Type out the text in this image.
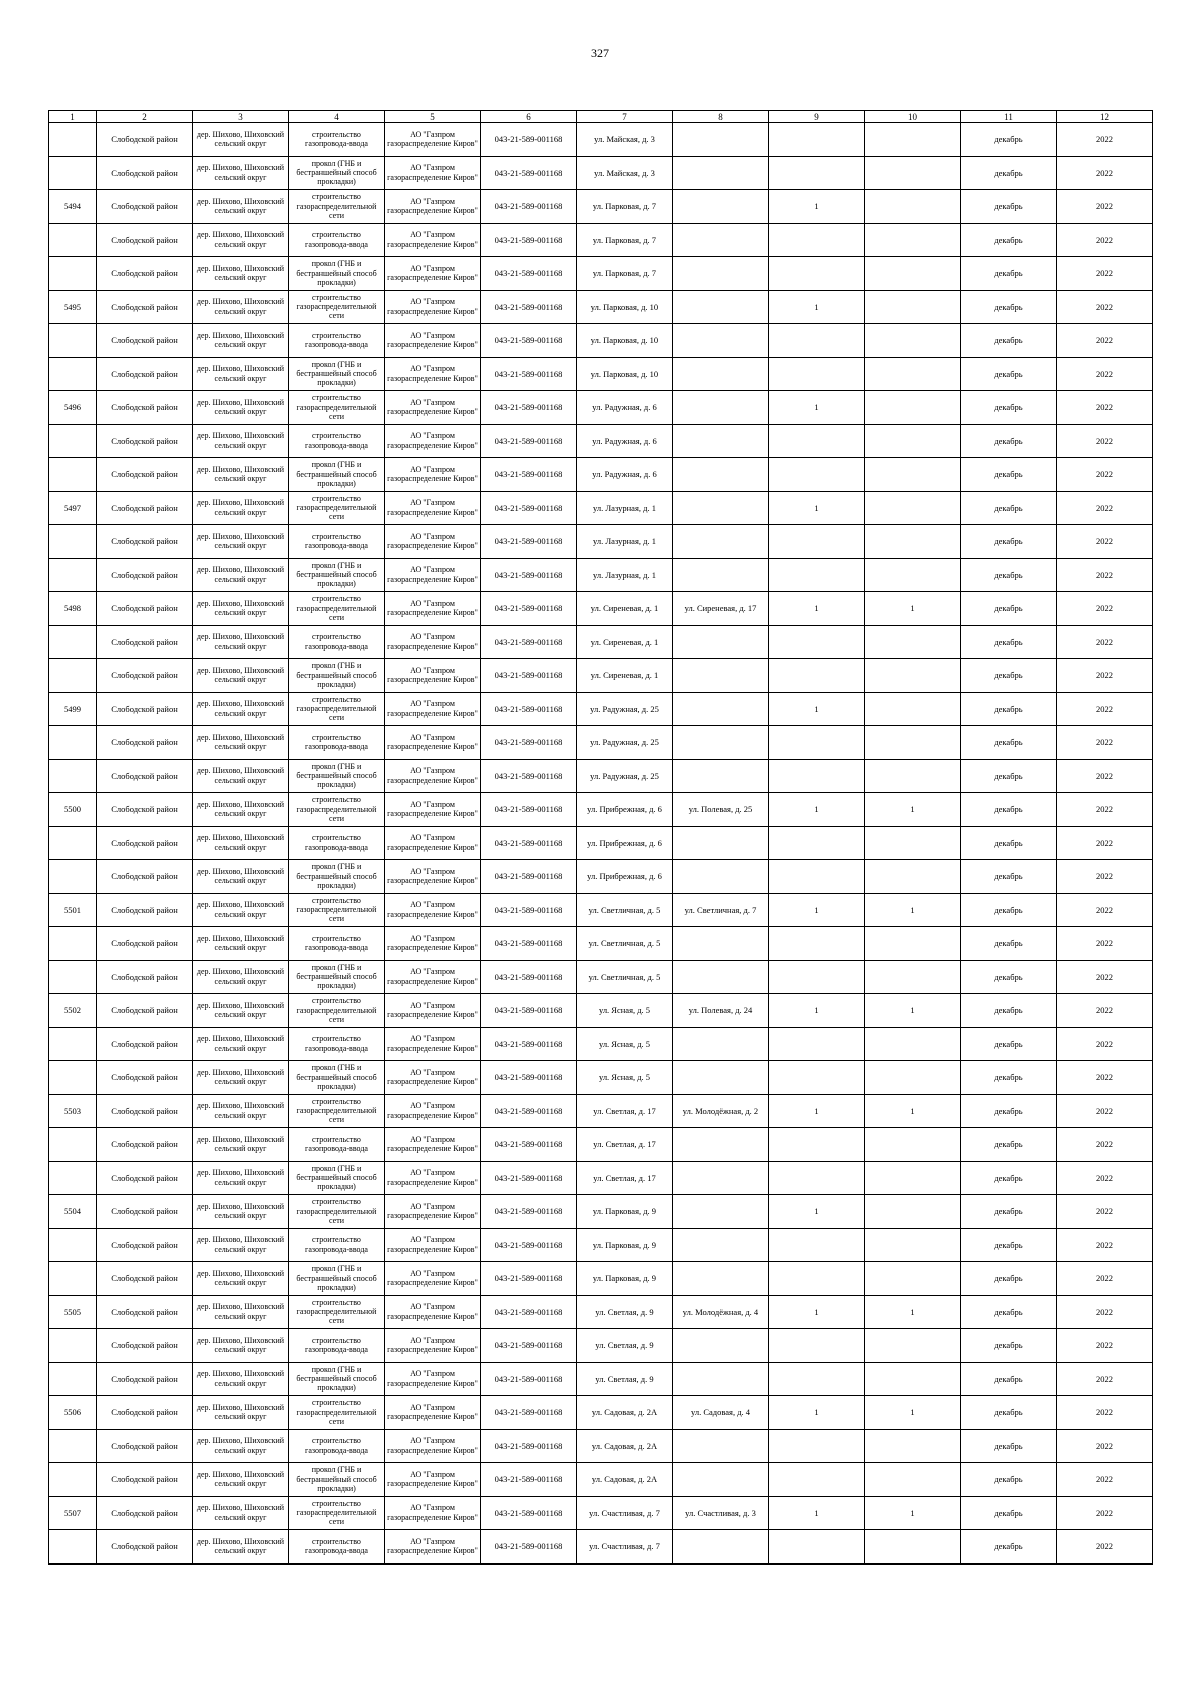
327
1	2	3	4	5	6	7	8	9	10	11	12
	Слободской район	дер. Шихово, Шиховский сельский округ	строительство газопровода-ввода	АО "Газпром газораспределение Киров"	043-21-589-001168	ул. Майская, д. 3				декабрь	2022
	Слободской район	дер. Шихово, Шиховский сельский округ	прокол (ГНБ и бестраншейный способ прокладки)	АО "Газпром газораспределение Киров"	043-21-589-001168	ул. Майская, д. 3				декабрь	2022
5494	Слободской район	дер. Шихово, Шиховский сельский округ	строительство газораспределительной сети	АО "Газпром газораспределение Киров"	043-21-589-001168	ул. Парковая, д. 7		1		декабрь	2022
	Слободской район	дер. Шихово, Шиховский сельский округ	строительство газопровода-ввода	АО "Газпром газораспределение Киров"	043-21-589-001168	ул. Парковая, д. 7				декабрь	2022
	Слободской район	дер. Шихово, Шиховский сельский округ	прокол (ГНБ и бестраншейный способ прокладки)	АО "Газпром газораспределение Киров"	043-21-589-001168	ул. Парковая, д. 7				декабрь	2022
5495	Слободской район	дер. Шихово, Шиховский сельский округ	строительство газораспределительной сети	АО "Газпром газораспределение Киров"	043-21-589-001168	ул. Парковая, д. 10		1		декабрь	2022
	Слободской район	дер. Шихово, Шиховский сельский округ	строительство газопровода-ввода	АО "Газпром газораспределение Киров"	043-21-589-001168	ул. Парковая, д. 10				декабрь	2022
	Слободской район	дер. Шихово, Шиховский сельский округ	прокол (ГНБ и бестраншейный способ прокладки)	АО "Газпром газораспределение Киров"	043-21-589-001168	ул. Парковая, д. 10				декабрь	2022
5496	Слободской район	дер. Шихово, Шиховский сельский округ	строительство газораспределительной сети	АО "Газпром газораспределение Киров"	043-21-589-001168	ул. Радужная, д. 6		1		декабрь	2022
	Слободской район	дер. Шихово, Шиховский сельский округ	строительство газопровода-ввода	АО "Газпром газораспределение Киров"	043-21-589-001168	ул. Радужная, д. 6				декабрь	2022
	Слободской район	дер. Шихово, Шиховский сельский округ	прокол (ГНБ и бестраншейный способ прокладки)	АО "Газпром газораспределение Киров"	043-21-589-001168	ул. Радужная, д. 6				декабрь	2022
5497	Слободской район	дер. Шихово, Шиховский сельский округ	строительство газораспределительной сети	АО "Газпром газораспределение Киров"	043-21-589-001168	ул. Лазурная, д. 1		1		декабрь	2022
	Слободской район	дер. Шихово, Шиховский сельский округ	строительство газопровода-ввода	АО "Газпром газораспределение Киров"	043-21-589-001168	ул. Лазурная, д. 1				декабрь	2022
	Слободской район	дер. Шихово, Шиховский сельский округ	прокол (ГНБ и бестраншейный способ прокладки)	АО "Газпром газораспределение Киров"	043-21-589-001168	ул. Лазурная, д. 1				декабрь	2022
5498	Слободской район	дер. Шихово, Шиховский сельский округ	строительство газораспределительной сети	АО "Газпром газораспределение Киров"	043-21-589-001168	ул. Сиреневая, д. 1	ул. Сиреневая, д. 17	1	1	декабрь	2022
	Слободской район	дер. Шихово, Шиховский сельский округ	строительство газопровода-ввода	АО "Газпром газораспределение Киров"	043-21-589-001168	ул. Сиреневая, д. 1				декабрь	2022
	Слободской район	дер. Шихово, Шиховский сельский округ	прокол (ГНБ и бестраншейный способ прокладки)	АО "Газпром газораспределение Киров"	043-21-589-001168	ул. Сиреневая, д. 1				декабрь	2022
5499	Слободской район	дер. Шихово, Шиховский сельский округ	строительство газораспределительной сети	АО "Газпром газораспределение Киров"	043-21-589-001168	ул. Радужная, д. 25		1		декабрь	2022
	Слободской район	дер. Шихово, Шиховский сельский округ	строительство газопровода-ввода	АО "Газпром газораспределение Киров"	043-21-589-001168	ул. Радужная, д. 25				декабрь	2022
	Слободской район	дер. Шихово, Шиховский сельский округ	прокол (ГНБ и бестраншейный способ прокладки)	АО "Газпром газораспределение Киров"	043-21-589-001168	ул. Радужная, д. 25				декабрь	2022
5500	Слободской район	дер. Шихово, Шиховский сельский округ	строительство газораспределительной сети	АО "Газпром газораспределение Киров"	043-21-589-001168	ул. Прибрежная, д. 6	ул. Полевая, д. 25	1	1	декабрь	2022
	Слободской район	дер. Шихово, Шиховский сельский округ	строительство газопровода-ввода	АО "Газпром газораспределение Киров"	043-21-589-001168	ул. Прибрежная, д. 6				декабрь	2022
	Слободской район	дер. Шихово, Шиховский сельский округ	прокол (ГНБ и бестраншейный способ прокладки)	АО "Газпром газораспределение Киров"	043-21-589-001168	ул. Прибрежная, д. 6				декабрь	2022
5501	Слободской район	дер. Шихово, Шиховский сельский округ	строительство газораспределительной сети	АО "Газпром газораспределение Киров"	043-21-589-001168	ул. Светличная, д. 5	ул. Светличная, д. 7	1	1	декабрь	2022
	Слободской район	дер. Шихово, Шиховский сельский округ	строительство газопровода-ввода	АО "Газпром газораспределение Киров"	043-21-589-001168	ул. Светличная, д. 5				декабрь	2022
	Слободской район	дер. Шихово, Шиховский сельский округ	прокол (ГНБ и бестраншейный способ прокладки)	АО "Газпром газораспределение Киров"	043-21-589-001168	ул. Светличная, д. 5				декабрь	2022
5502	Слободской район	дер. Шихово, Шиховский сельский округ	строительство газораспределительной сети	АО "Газпром газораспределение Киров"	043-21-589-001168	ул. Ясная, д. 5	ул. Полевая, д. 24	1	1	декабрь	2022
	Слободской район	дер. Шихово, Шиховский сельский округ	строительство газопровода-ввода	АО "Газпром газораспределение Киров"	043-21-589-001168	ул. Ясная, д. 5				декабрь	2022
	Слободской район	дер. Шихово, Шиховский сельский округ	прокол (ГНБ и бестраншейный способ прокладки)	АО "Газпром газораспределение Киров"	043-21-589-001168	ул. Ясная, д. 5				декабрь	2022
5503	Слободской район	дер. Шихово, Шиховский сельский округ	строительство газораспределительной сети	АО "Газпром газораспределение Киров"	043-21-589-001168	ул. Светлая, д. 17	ул. Молодёжная, д. 2	1	1	декабрь	2022
	Слободской район	дер. Шихово, Шиховский сельский округ	строительство газопровода-ввода	АО "Газпром газораспределение Киров"	043-21-589-001168	ул. Светлая, д. 17				декабрь	2022
	Слободской район	дер. Шихово, Шиховский сельский округ	прокол (ГНБ и бестраншейный способ прокладки)	АО "Газпром газораспределение Киров"	043-21-589-001168	ул. Светлая, д. 17				декабрь	2022
5504	Слободской район	дер. Шихово, Шиховский сельский округ	строительство газораспределительной сети	АО "Газпром газораспределение Киров"	043-21-589-001168	ул. Парковая, д. 9		1		декабрь	2022
	Слободской район	дер. Шихово, Шиховский сельский округ	строительство газопровода-ввода	АО "Газпром газораспределение Киров"	043-21-589-001168	ул. Парковая, д. 9				декабрь	2022
	Слободской район	дер. Шихово, Шиховский сельский округ	прокол (ГНБ и бестраншейный способ прокладки)	АО "Газпром газораспределение Киров"	043-21-589-001168	ул. Парковая, д. 9				декабрь	2022
5505	Слободской район	дер. Шихово, Шиховский сельский округ	строительство газораспределительной сети	АО "Газпром газораспределение Киров"	043-21-589-001168	ул. Светлая, д. 9	ул. Молодёжная, д. 4	1	1	декабрь	2022
	Слободской район	дер. Шихово, Шиховский сельский округ	строительство газопровода-ввода	АО "Газпром газораспределение Киров"	043-21-589-001168	ул. Светлая, д. 9				декабрь	2022
	Слободской район	дер. Шихово, Шиховский сельский округ	прокол (ГНБ и бестраншейный способ прокладки)	АО "Газпром газораспределение Киров"	043-21-589-001168	ул. Светлая, д. 9				декабрь	2022
5506	Слободской район	дер. Шихово, Шиховский сельский округ	строительство газораспределительной сети	АО "Газпром газораспределение Киров"	043-21-589-001168	ул. Садовая, д. 2А	ул. Садовая, д. 4	1	1	декабрь	2022
	Слободской район	дер. Шихово, Шиховский сельский округ	строительство газопровода-ввода	АО "Газпром газораспределение Киров"	043-21-589-001168	ул. Садовая, д. 2А				декабрь	2022
	Слободской район	дер. Шихово, Шиховский сельский округ	прокол (ГНБ и бестраншейный способ прокладки)	АО "Газпром газораспределение Киров"	043-21-589-001168	ул. Садовая, д. 2А				декабрь	2022
5507	Слободской район	дер. Шихово, Шиховский сельский округ	строительство газораспределительной сети	АО "Газпром газораспределение Киров"	043-21-589-001168	ул. Счастливая, д. 7	ул. Счастливая, д. 3	1	1	декабрь	2022
	Слободской район	дер. Шихово, Шиховский сельский округ	строительство газопровода-ввода	АО "Газпром газораспределение Киров"	043-21-589-001168	ул. Счастливая, д. 7				декабрь	2022
